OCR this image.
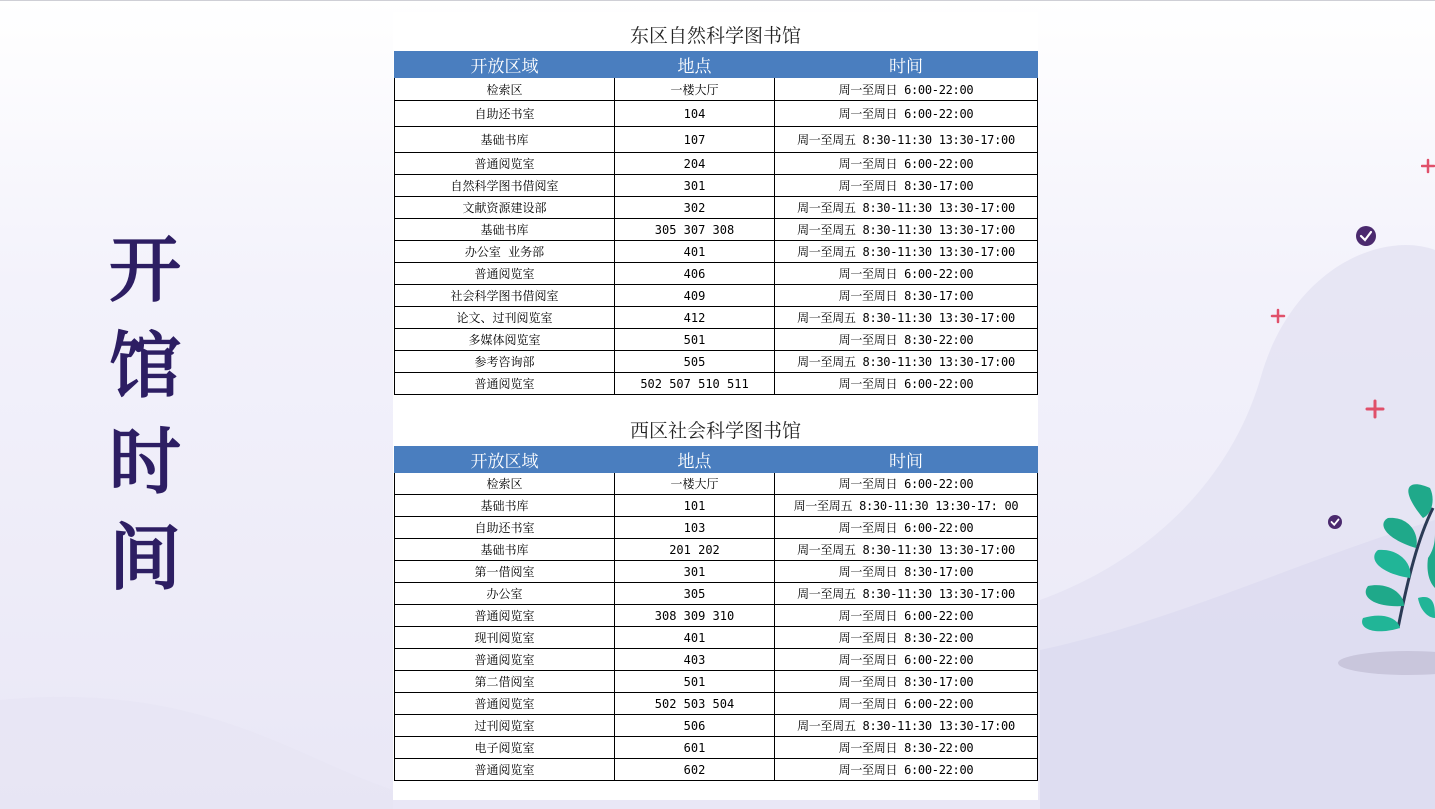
开
馆
时
间
东区自然科学图书馆
开放区域	地点	时间
检索区	一楼大厅	周一至周日 6:00-22:00
自助还书室	104	周一至周日 6:00-22:00
基础书库	107	周一至周五 8:30-11:30 13:30-17:00
普通阅览室	204	周一至周日 6:00-22:00
自然科学图书借阅室	301	周一至周日 8:30-17:00
文献资源建设部	302	周一至周五 8:30-11:30 13:30-17:00
基础书库	305 307 308	周一至周五 8:30-11:30 13:30-17:00
办公室 业务部	401	周一至周五 8:30-11:30 13:30-17:00
普通阅览室	406	周一至周日 6:00-22:00
社会科学图书借阅室	409	周一至周日 8:30-17:00
论文、过刊阅览室	412	周一至周五 8:30-11:30 13:30-17:00
多媒体阅览室	501	周一至周日 8:30-22:00
参考咨询部	505	周一至周五 8:30-11:30 13:30-17:00
普通阅览室	502 507 510 511	周一至周日 6:00-22:00
西区社会科学图书馆
开放区域	地点	时间
检索区	一楼大厅	周一至周日 6:00-22:00
基础书库	101	周一至周五 8:30-11:30 13:30-17: 00
自助还书室	103	周一至周日 6:00-22:00
基础书库	201 202	周一至周五 8:30-11:30 13:30-17:00
第一借阅室	301	周一至周日 8:30-17:00
办公室	305	周一至周五 8:30-11:30 13:30-17:00
普通阅览室	308 309 310	周一至周日 6:00-22:00
现刊阅览室	401	周一至周日 8:30-22:00
普通阅览室	403	周一至周日 6:00-22:00
第二借阅室	501	周一至周日 8:30-17:00
普通阅览室	502 503 504	周一至周日 6:00-22:00
过刊阅览室	506	周一至周五 8:30-11:30 13:30-17:00
电子阅览室	601	周一至周日 8:30-22:00
普通阅览室	602	周一至周日 6:00-22:00
